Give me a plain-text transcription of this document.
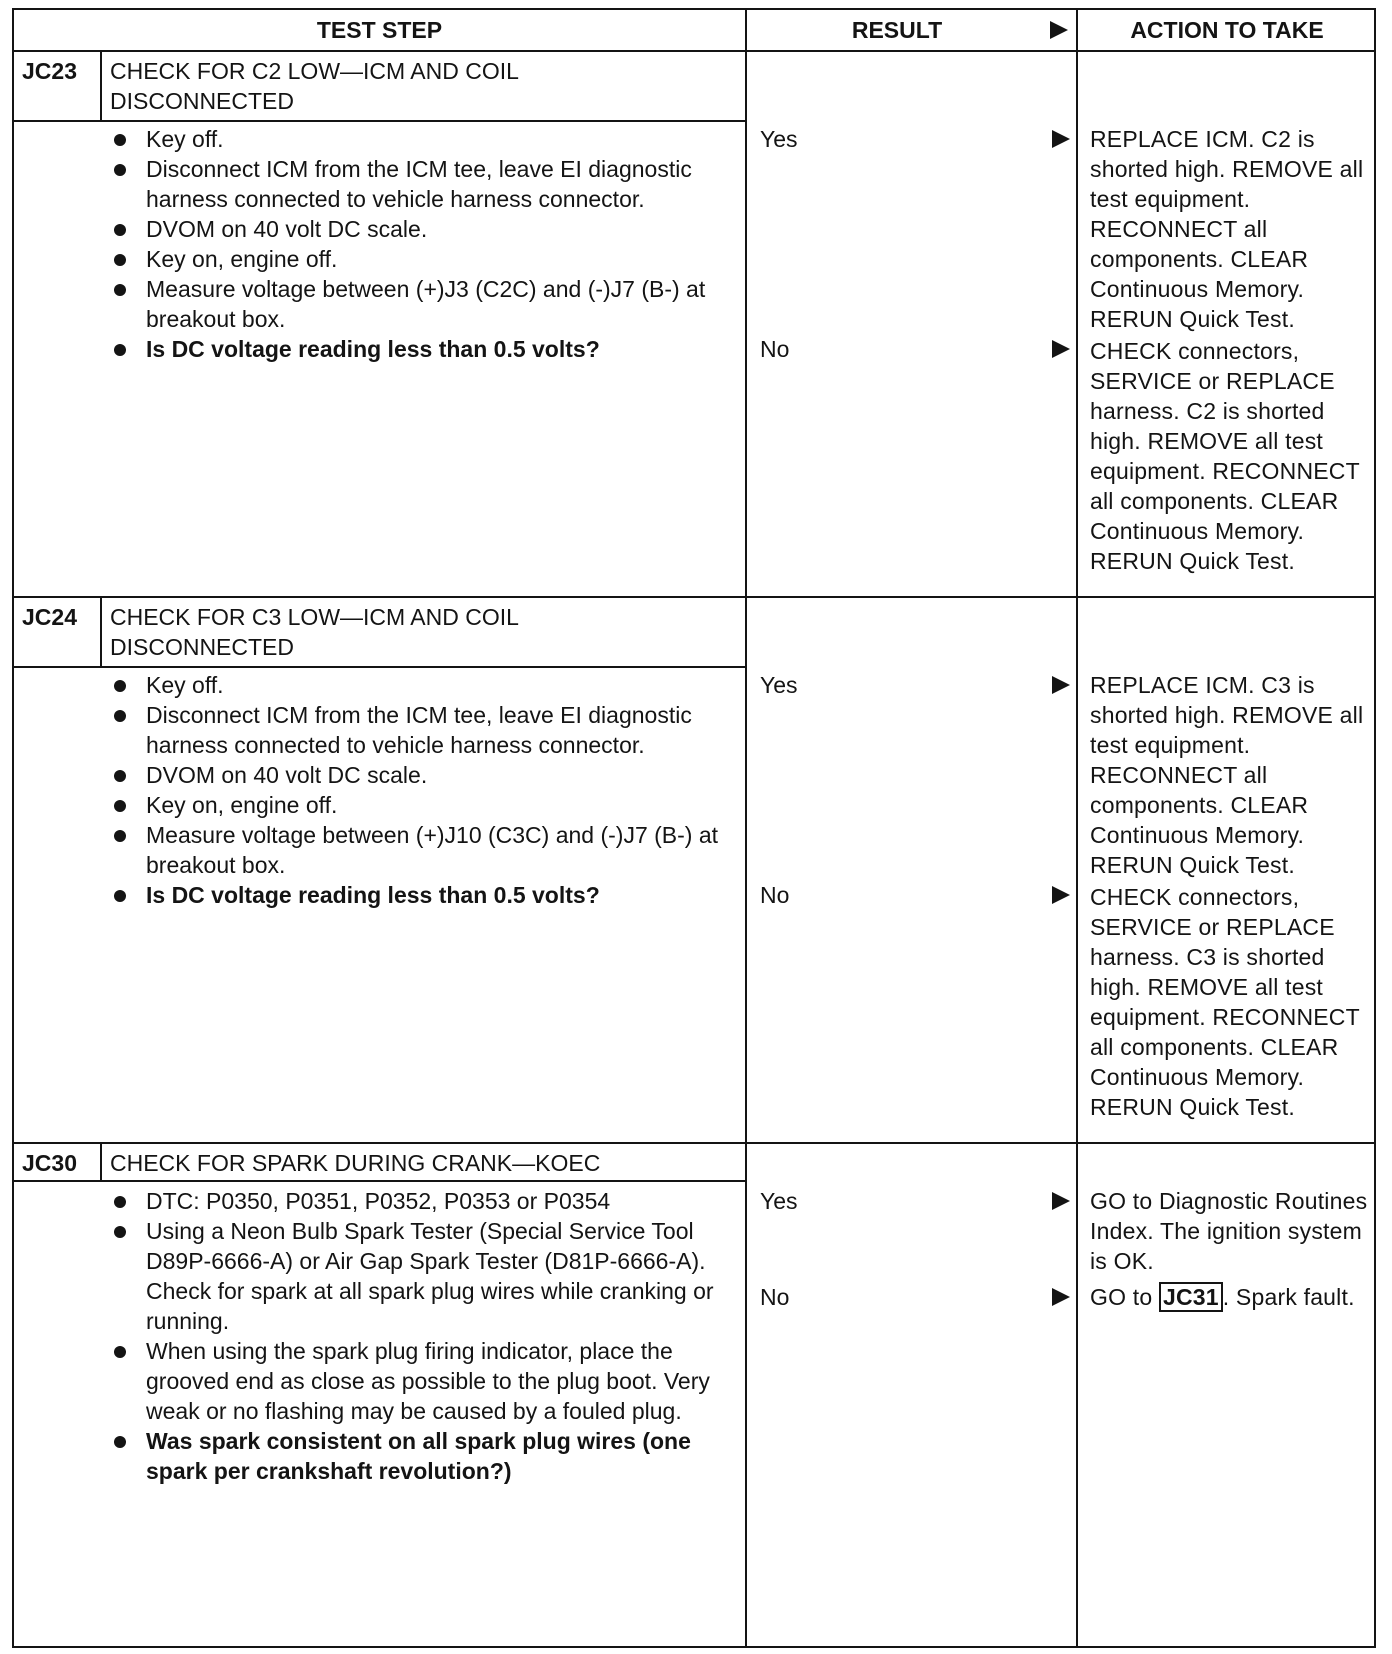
TEST STEP	RESULT	ACTION TO TAKE
JC23	CHECK FOR C2 LOW—ICM AND COIL
DISCONNECTED
Key off.
Disconnect ICM from the ICM tee, leave EI diagnostic harness connected to vehicle harness connector.
DVOM on 40 volt DC scale.
Key on, engine off.
Measure voltage between (+)J3 (C2C) and (-)J7 (B-) at breakout box.
Is DC voltage reading less than 0.5 volts?
Yes	REPLACE ICM. C2 is shorted high. REMOVE all test equipment. RECONNECT all components. CLEAR Continuous Memory. RERUN Quick Test.
No	CHECK connectors, SERVICE or REPLACE harness. C2 is shorted high. REMOVE all test equipment. RECONNECT all components. CLEAR Continuous Memory. RERUN Quick Test.
JC24	CHECK FOR C3 LOW—ICM AND COIL
DISCONNECTED
Key off.
Disconnect ICM from the ICM tee, leave EI diagnostic harness connected to vehicle harness connector.
DVOM on 40 volt DC scale.
Key on, engine off.
Measure voltage between (+)J10 (C3C) and (-)J7 (B-) at breakout box.
Is DC voltage reading less than 0.5 volts?
Yes	REPLACE ICM. C3 is shorted high. REMOVE all test equipment. RECONNECT all components. CLEAR Continuous Memory. RERUN Quick Test.
No	CHECK connectors, SERVICE or REPLACE harness. C3 is shorted high. REMOVE all test equipment. RECONNECT all components. CLEAR Continuous Memory. RERUN Quick Test.
JC30	CHECK FOR SPARK DURING CRANK—KOEC
DTC: P0350, P0351, P0352, P0353 or P0354
Using a Neon Bulb Spark Tester (Special Service Tool D89P-6666-A) or Air Gap Spark Tester (D81P-6666-A). Check for spark at all spark plug wires while cranking or running.
When using the spark plug firing indicator, place the grooved end as close as possible to the plug boot. Very weak or no flashing may be caused by a fouled plug.
Was spark consistent on all spark plug wires (one spark per crankshaft revolution?)
Yes	GO to Diagnostic Routines Index. The ignition system is OK.
No	GO to JC31 . Spark fault.
